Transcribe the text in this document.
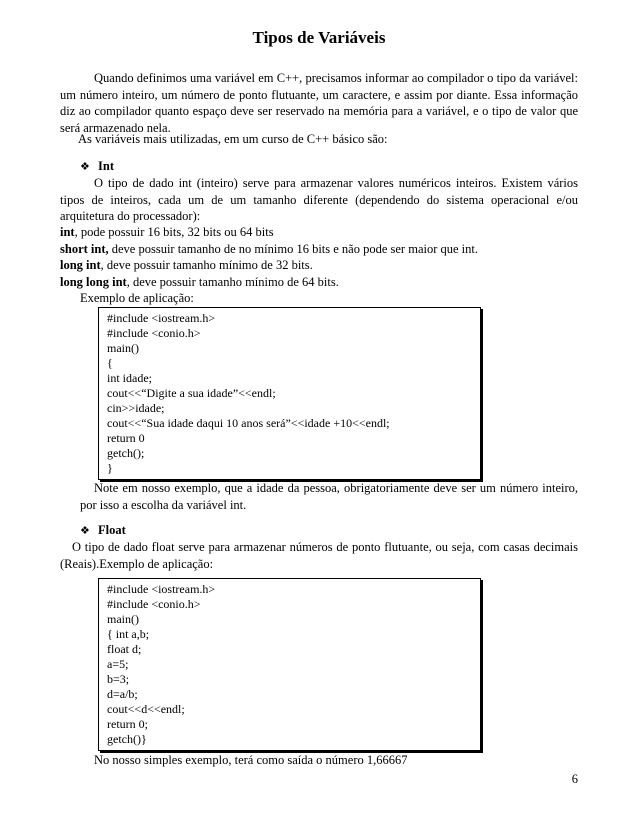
Tipos de Variáveis

Quando definimos uma variável em C++, precisamos informar ao compilador o tipo da variável: um número inteiro, um número de ponto flutuante, um caractere, e assim por diante. Essa informação diz ao compilador quanto espaço deve ser reservado na memória para a variável, e o tipo de valor que será armazenado nela.

As variáveis mais utilizadas, em um curso de C++ básico são:

❖ Int

O tipo de dado int (inteiro) serve para armazenar valores numéricos inteiros. Existem vários tipos de inteiros, cada um de um tamanho diferente (dependendo do sistema operacional e/ou arquitetura do processador):

int, pode possuir 16 bits, 32 bits ou 64 bits
short int, deve possuir tamanho de no mínimo 16 bits e não pode ser maior que int.
long int, deve possuir tamanho mínimo de 32 bits.
long long int, deve possuir tamanho mínimo de 64 bits.

Exemplo de aplicação:

#include <iostream.h>
#include <conio.h>
main()
{
int idade;
cout<<“Digite a sua idade”<<endl;
cin>>idade;
cout<<“Sua idade daqui 10 anos será”<<idade +10<<endl;
return 0
getch();
}

Note em nosso exemplo, que a idade da pessoa, obrigatoriamente deve ser um número inteiro, por isso a escolha da variável int.

❖ Float

O tipo de dado float serve para armazenar números de ponto flutuante, ou seja, com casas decimais (Reais).Exemplo de aplicação:

#include <iostream.h>
#include <conio.h>
main()
{ int a,b;
float d;
a=5;
b=3;
d=a/b;
cout<<d<<endl;
return 0;
getch()}

No nosso simples exemplo, terá como saída o número 1,66667

6
